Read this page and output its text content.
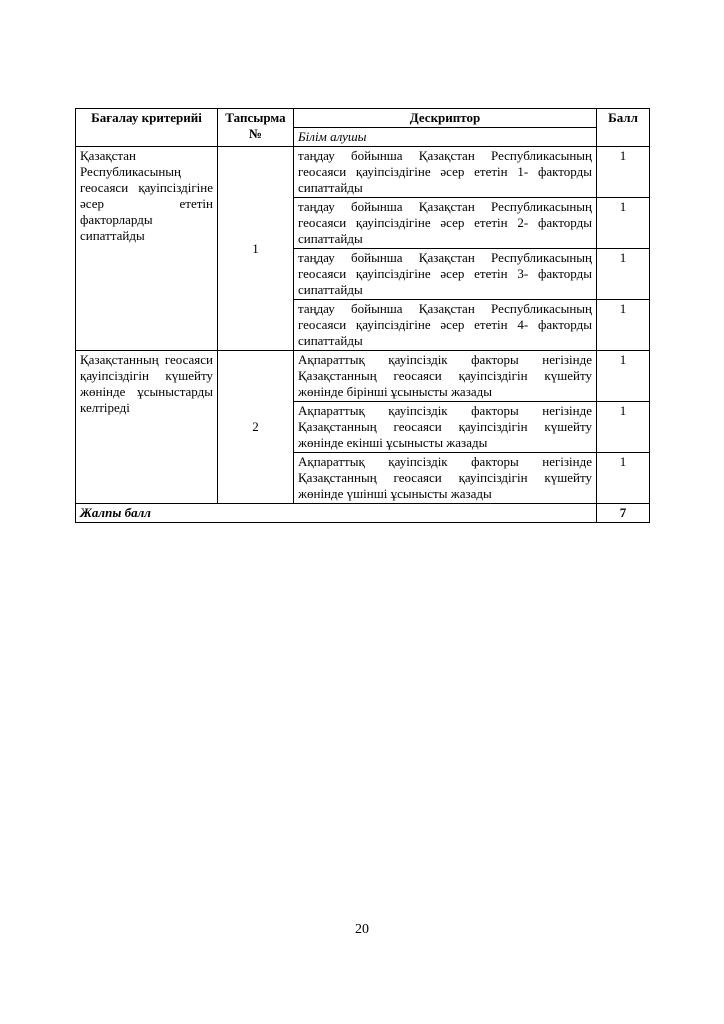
Бағалау критерийі	Тапсырма №	Дескриптор	Балл
		Білім алушы	
Қазақстан Республикасының геосаяси қауіпсіздігіне әсер ететін факторларды сипаттайды	1	таңдау бойынша Қазақстан Республикасының геосаяси қауіпсіздігіне әсер ететін 1- факторды сипаттайды	1
		таңдау бойынша Қазақстан Республикасының геосаяси қауіпсіздігіне әсер ететін 2- факторды сипаттайды	1
		таңдау бойынша Қазақстан Республикасының геосаяси қауіпсіздігіне әсер ететін 3- факторды сипаттайды	1
		таңдау бойынша Қазақстан Республикасының геосаяси қауіпсіздігіне әсер ететін 4- факторды сипаттайды	1
Қазақстанның геосаяси қауіпсіздігін күшейту жөнінде ұсыныстарды келтіреді	2	Ақпараттық қауіпсіздік факторы негізінде Қазақстанның геосаяси қауіпсіздігін күшейту жөнінде бірінші ұсынысты жазады	1
		Ақпараттық қауіпсіздік факторы негізінде Қазақстанның геосаяси қауіпсіздігін күшейту жөнінде екінші ұсынысты жазады	1
		Ақпараттық қауіпсіздік факторы негізінде Қазақстанның геосаяси қауіпсіздігін күшейту жөнінде үшінші ұсынысты жазады	1
Жалпы балл			7
20
